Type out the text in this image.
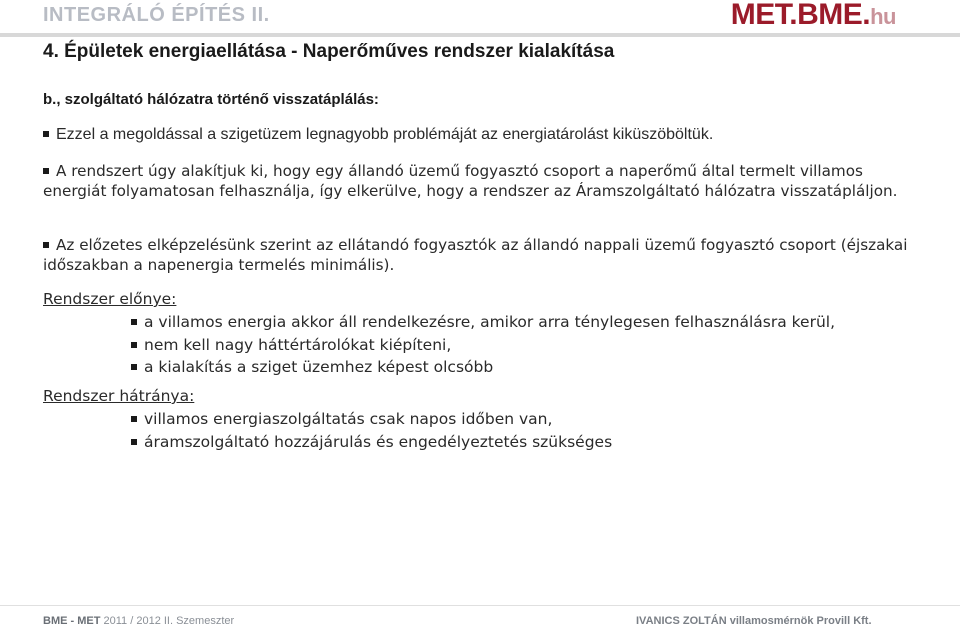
INTEGRÁLÓ ÉPÍTÉS II.	MET.BME.hu
4. Épületek energiaellátása - Naperőműves rendszer kialakítása
b., szolgáltató hálózatra történő visszatáplálás:
Ezzel a megoldással a szigetüzem legnagyobb problémáját az energiatárolást kiküszöböltük.
A rendszert úgy alakítjuk ki, hogy egy állandó üzemű fogyasztó csoport a naperőmű által termelt villamos energiát folyamatosan felhasználja, így elkerülve, hogy a rendszer az Áramszolgáltató hálózatra visszatápláljon.
Az előzetes elképzelésünk szerint az ellátandó fogyasztók az állandó nappali üzemű fogyasztó csoport (éjszakai időszakban a napenergia termelés minimális).
Rendszer előnye:
a villamos energia akkor áll rendelkezésre, amikor arra ténylegesen felhasználásra kerül,
nem kell nagy háttértárolókat kiépíteni,
a kialakítás a sziget üzemhez képest olcsóbb
Rendszer hátránya:
villamos energiaszolgáltatás csak napos időben van,
áramszolgáltató hozzájárulás és engedélyeztetés szükséges
BME - MET 2011 / 2012 II. Szemeszter	IVANICS ZOLTÁN villamosmérnök Provill Kft.
